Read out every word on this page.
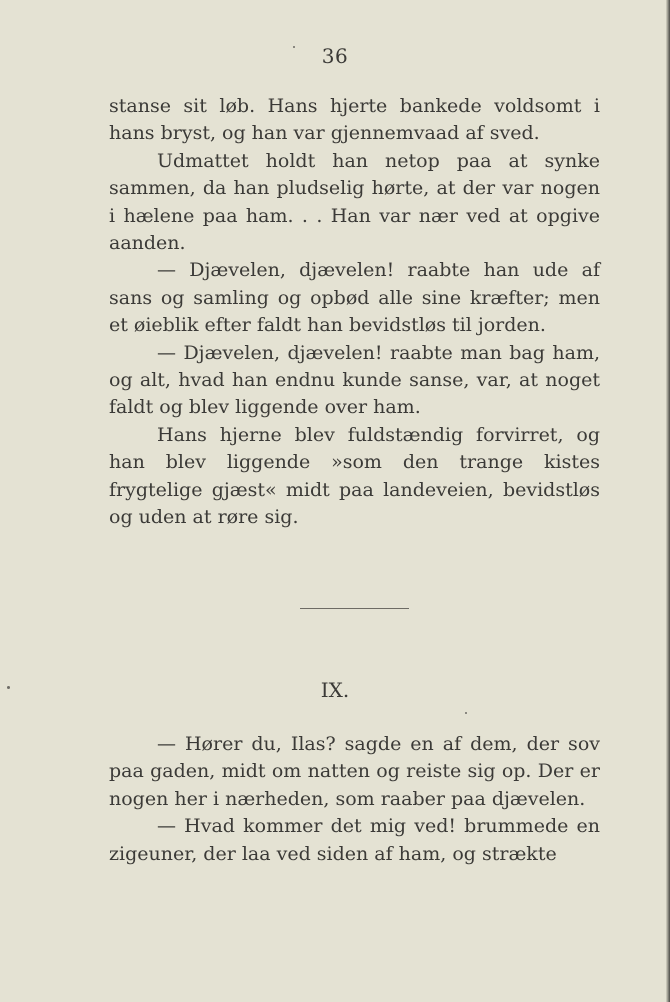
36

stanse sit løb. Hans hjerte bankede voldsomt i hans bryst, og han var gjennemvaad af sved.

Udmattet holdt han netop paa at synke sammen, da han pludselig hørte, at der var nogen i hælene paa ham. . . Han var nær ved at opgive aanden.

— Djævelen, djævelen! raabte han ude af sans og samling og opbød alle sine kræfter; men et øieblik efter faldt han bevidstløs til jorden.

— Djævelen, djævelen! raabte man bag ham, og alt, hvad han endnu kunde sanse, var, at noget faldt og blev liggende over ham.

Hans hjerne blev fuldstændig forvirret, og han blev liggende »som den trange kistes frygtelige gjæst« midt paa landeveien, bevidstløs og uden at røre sig.

IX.

— Hører du, Ilas? sagde en af dem, der sov paa gaden, midt om natten og reiste sig op. Der er nogen her i nærheden, som raaber paa djævelen.

— Hvad kommer det mig ved! brummede en zigeuner, der laa ved siden af ham, og strækte
